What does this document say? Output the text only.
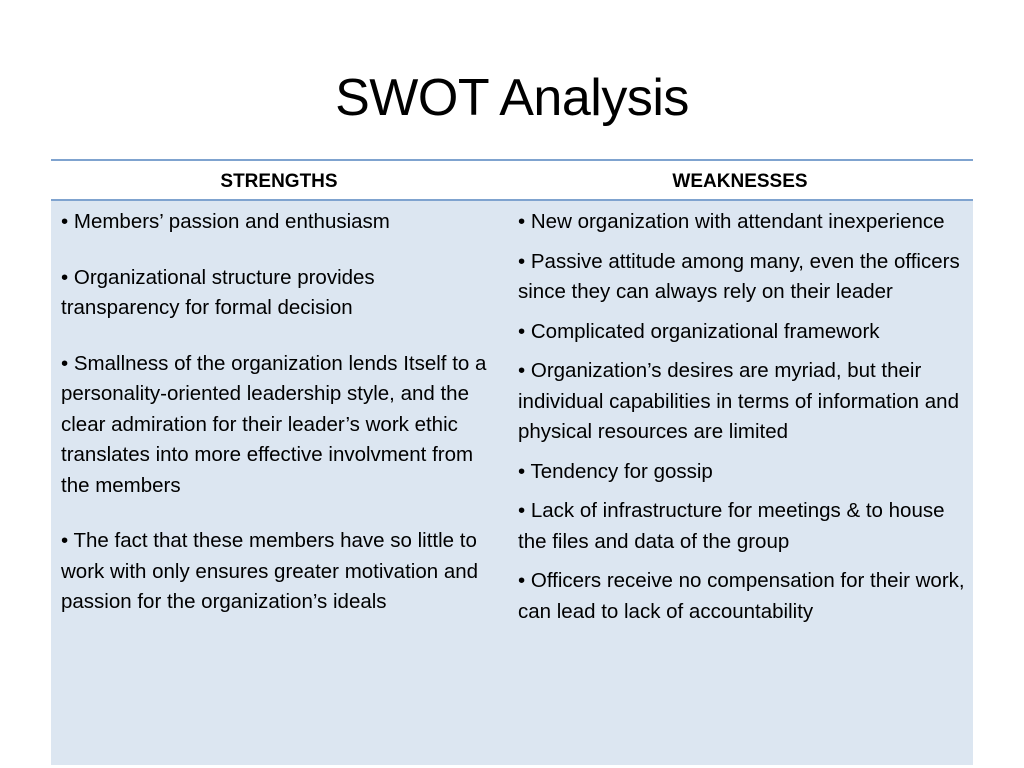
SWOT Analysis
STRENGTHS	WEAKNESSES

• Members’ passion and enthusiasm

• Organizational structure provides transparency for formal decision

• Smallness of the organization lends Itself to a personality-oriented leadership style, and the clear admiration for their leader’s work ethic translates into more effective involvment from the members

• The fact that these members have so little to work with only ensures greater motivation and passion for the organization’s ideals

• New organization with attendant inexperience

• Passive attitude among many, even the officers since they can always rely on their leader

• Complicated organizational framework

• Organization’s desires are myriad, but their individual capabilities in terms of information and physical resources are limited

• Tendency for gossip

• Lack of infrastructure for meetings & to house the files and data of the group

• Officers receive no compensation for their work, can lead to lack of accountability
